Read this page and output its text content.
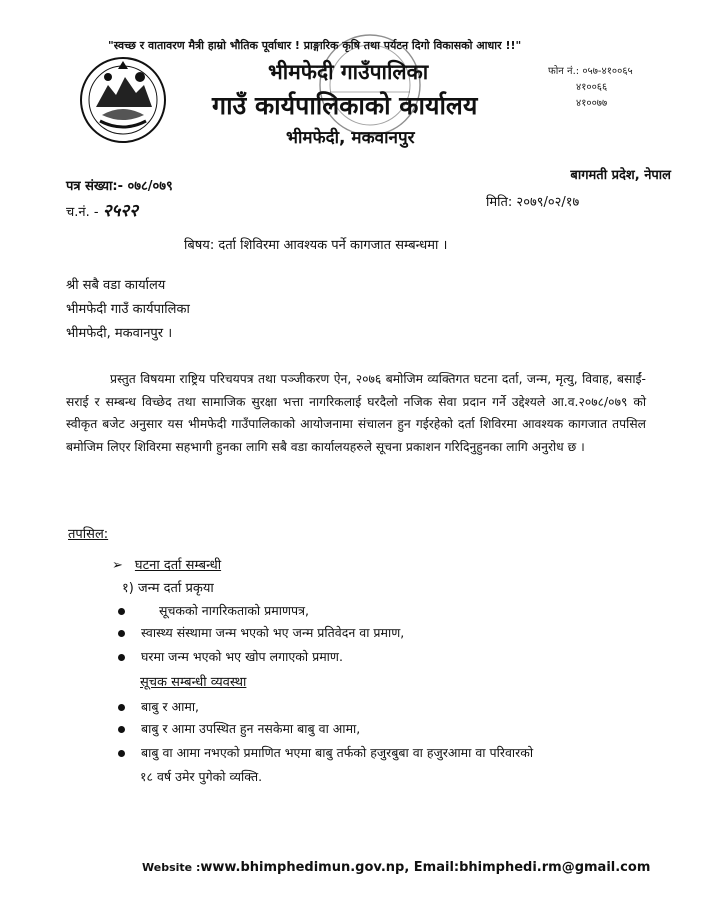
"स्वच्छ र वातावरण मैत्री हाम्रो भौतिक पूर्वाधार ! प्राङ्गारिक कृषि तथा पर्यटन दिगो विकासको आधार !!"
भीमफेदी गाउँपालिका
गाउँ कार्यपालिकाको कार्यालय
भीमफेदी, मकवानपुर
फोन नं.: ०५७-४१००६५
४१००६६
४१००७७
बागमती प्रदेश, नेपाल
पत्र संख्या:- ०७८/०७९
च.नं. - २५२२	मिति: २०७९/०२/१७
बिषय: दर्ता शिविरमा आवश्यक पर्ने कागजात सम्बन्धमा ।
श्री सबै वडा कार्यालय
भीमफेदी गाउँ कार्यपालिका
भीमफेदी, मकवानपुर ।
प्रस्तुत विषयमा राष्ट्रिय परिचयपत्र तथा पञ्जीकरण ऐन, २०७६ बमोजिम व्यक्तिगत घटना दर्ता, जन्म, मृत्यु, विवाह, बसाईं-सराई र सम्बन्ध विच्छेद तथा सामाजिक सुरक्षा भत्ता नागरिकलाई घरदैलो नजिक सेवा प्रदान गर्ने उद्देश्यले आ.व.२०७८/०७९ को स्वीकृत बजेट अनुसार यस भीमफेदी गाउँपालिकाको आयोजनामा संचालन हुन गईरहेको दर्ता शिविरमा आवश्यक कागजात तपसिल बमोजिम लिएर शिविरमा सहभागी हुनका लागि सबै वडा कार्यालयहरुले सूचना प्रकाशन गरिदिनुहुनका लागि अनुरोध छ ।
तपसिल:
➢ घटना दर्ता सम्बन्धी
१) जन्म दर्ता प्रकृया
सूचकको नागरिकताको प्रमाणपत्र,
स्वास्थ्य संस्थामा जन्म भएको भए जन्म प्रतिवेदन वा प्रमाण,
घरमा जन्म भएको भए खोप लगाएको प्रमाण.
सूचक सम्बन्धी व्यवस्था
बाबु र आमा,
बाबु र आमा उपस्थित हुन नसकेमा बाबु वा आमा,
बाबु वा आमा नभएको प्रमाणित भएमा बाबु तर्फको हजुरबुबा वा हजुरआमा वा परिवारको
१८ वर्ष उमेर पुगेको व्यक्ति.
Website :www.bhimphedimun.gov.np, Email:bhimphedi.rm@gmail.com
